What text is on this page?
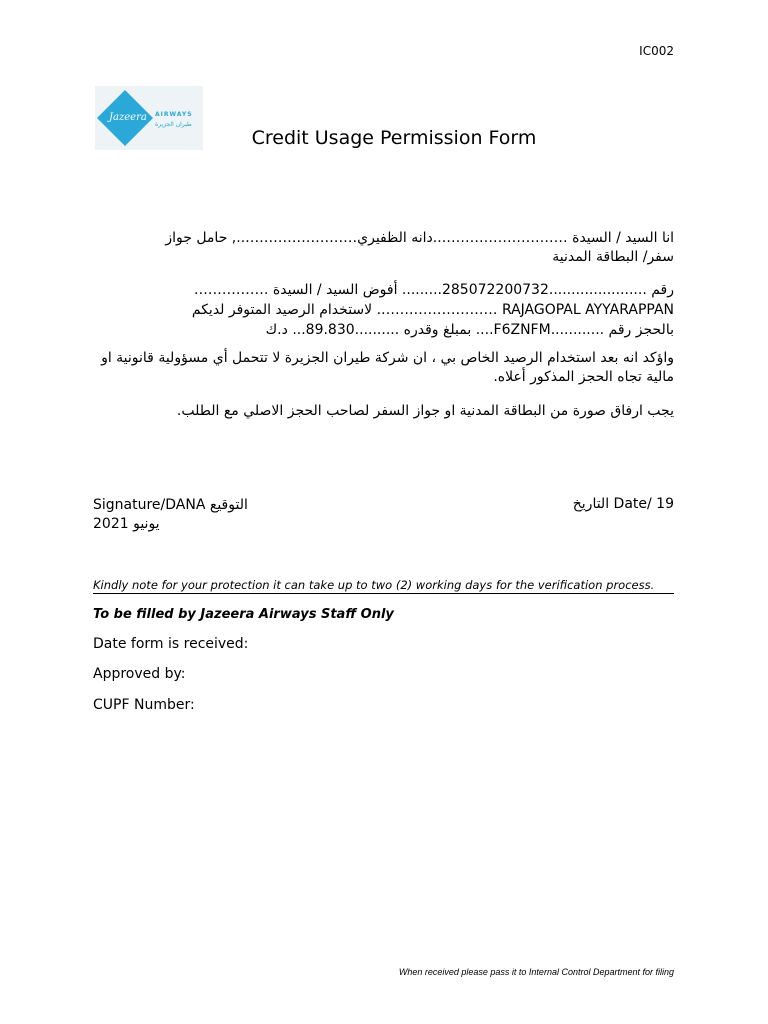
IC002
Jazeera AIRWAYS
طيران الجزيرة
Credit Usage Permission Form
انا السيد / السيدة ………………………..دانه الظفيري…………………….., حامل جواز
سفر/ البطاقة المدنية
رقم ......................285072200732......... أفوض السيد / السيدة …………….
RAJAGOPAL AYYARAPPAN ……………….……. لاستخدام الرصيد المتوفر لديكم
بالحجز رقم ............F6ZNFM.... بمبلغ وقدره ..........89.830... د.ك
واؤكد انه بعد استخدام الرصيد الخاص بي ، ان شركة طيران الجزيرة لا تتحمل أي مسؤولية قانونية او مالية تجاه الحجز المذكور أعلاه.
يجب ارفاق صورة من البطاقة المدنية او جواز السفر لصاحب الحجز الاصلي مع الطلب.
Signature/DANA التوقيع
يونيو 2021
Date/ 19 التاريخ
Kindly note for your protection it can take up to two (2) working days for the verification process.
To be filled by Jazeera Airways Staff Only
Date form is received:
Approved by:
CUPF Number:
When received please pass it to Internal Control Department for filing
